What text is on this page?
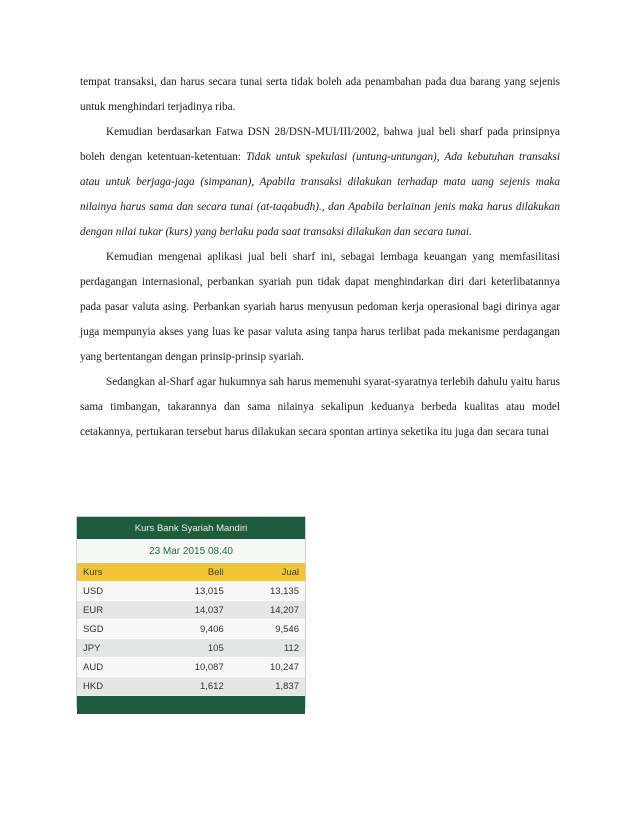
tempat transaksi, dan harus secara tunai serta tidak boleh ada penambahan pada dua barang yang sejenis untuk menghindari terjadinya riba.

Kemudian berdasarkan Fatwa DSN 28/DSN-MUI/III/2002, bahwa jual beli sharf pada prinsipnya boleh dengan ketentuan-ketentuan: Tidak untuk spekulasi (untung-untungan), Ada kebutuhan transaksi atau untuk berjaga-jaga (simpanan), Apabila transaksi dilakukan terhadap mata uang sejenis maka nilainya harus sama dan secara tunai (at-taqabudh)., dan Apabila berlainan jenis maka harus dilakukan dengan nilai tukar (kurs) yang berlaku pada saat transaksi dilakukan dan secara tunai.

Kemudian mengenai aplikasi jual beli sharf ini, sebagai lembaga keuangan yang memfasilitasi perdagangan internasional, perbankan syariah pun tidak dapat menghindarkan diri dari keterlibatannya pada pasar valuta asing. Perbankan syariah harus menyusun pedoman kerja operasional bagi dirinya agar juga mempunyia akses yang luas ke pasar valuta asing tanpa harus terlibat pada mekanisme perdagangan yang bertentangan dengan prinsip-prinsip syariah.

Sedangkan al-Sharf agar hukumnya sah harus memenuhi syarat-syaratnya terlebih dahulu yaitu harus sama timbangan, takarannya dan sama nilainya sekalipun keduanya berbeda kualitas atau model cetakannya, pertukaran tersebut harus dilakukan secara spontan artinya seketika itu juga dan secara tunai

Kurs Bank Syariah Mandiri
23 Mar 2015 08:40
Kurs	Beli	Jual
USD	13,015	13,135
EUR	14,037	14,207
SGD	9,406	9,546
JPY	105	112
AUD	10,087	10,247
HKD	1,612	1,837
